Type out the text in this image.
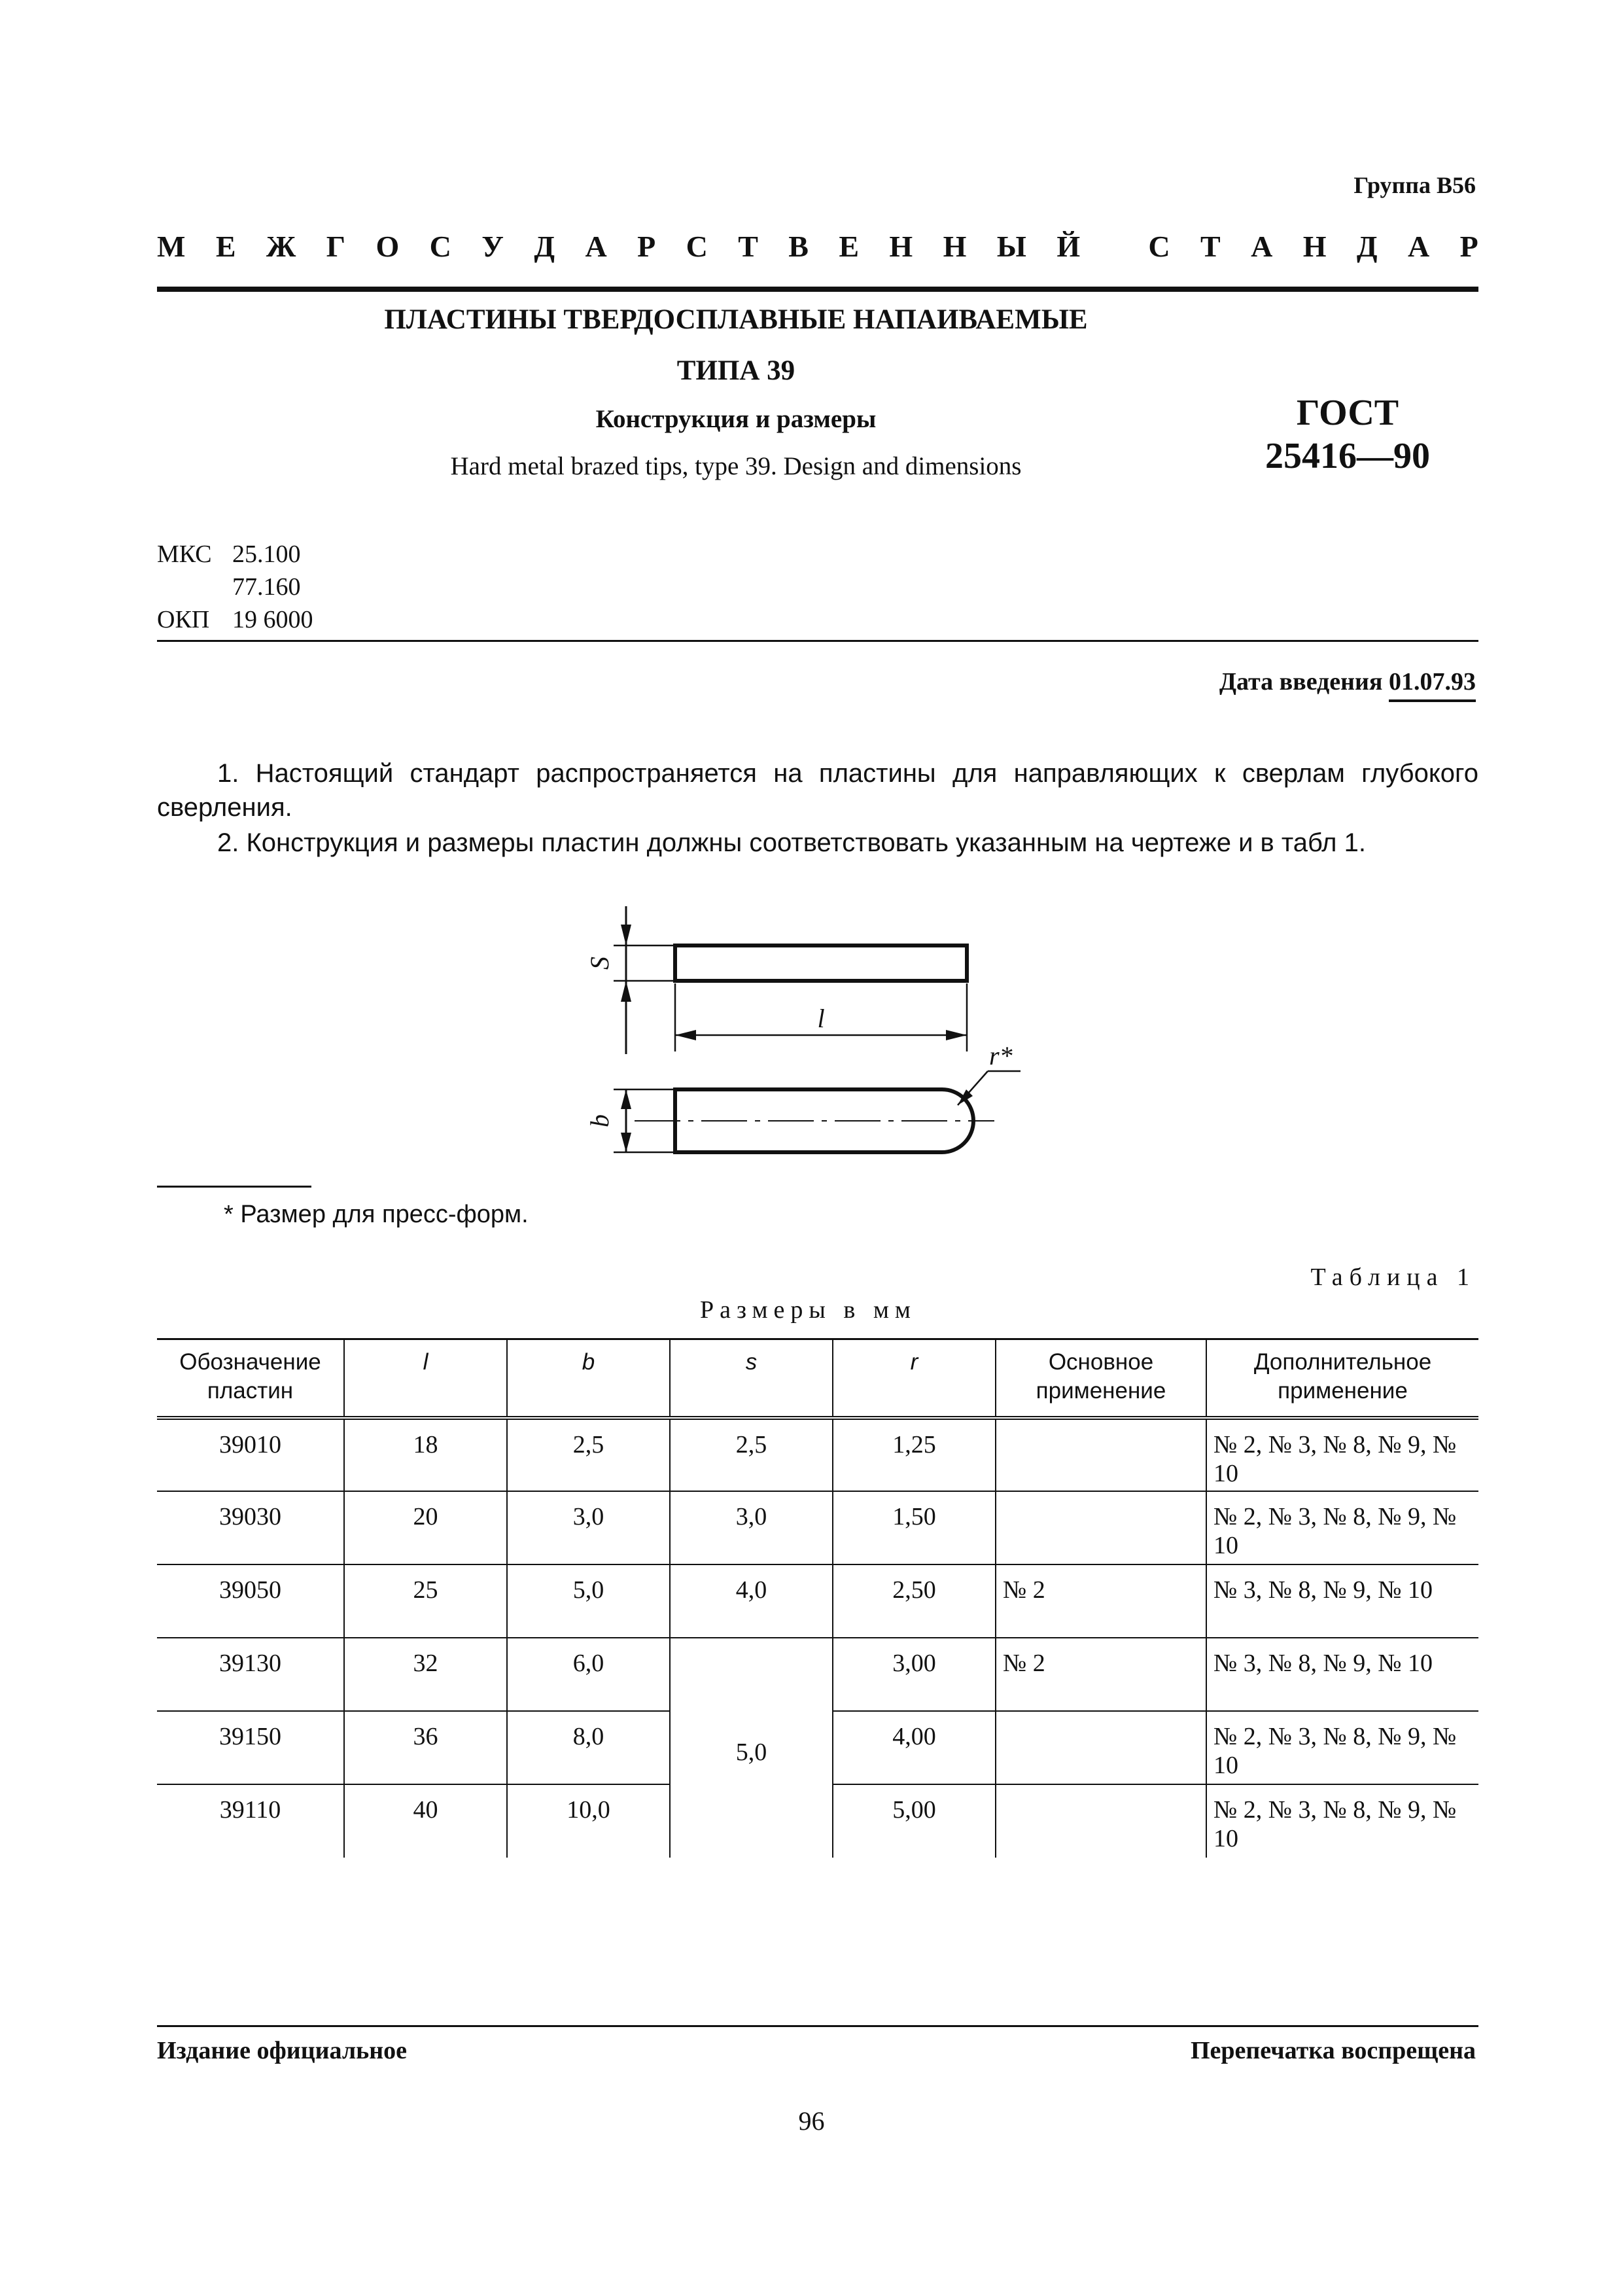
Группа В56
М Е Ж Г О С У Д А Р С Т В Е Н Н Ы Й
С Т А Н Д А Р
ПЛАСТИНЫ ТВЕРДОСПЛАВНЫЕ НАПАИВАЕМЫЕ
ТИПА 39
Конструкция и размеры
Hard metal brazed tips, type 39. Design and dimensions
ГОСТ
25416—90
МКС 25.100
77.160
ОКП 19 6000
Дата введения 01.07.93
1. Настоящий стандарт распространяется на пластины для направляющих к сверлам глубокого сверления.
2. Конструкция и размеры пластин должны соответствовать указанным на чертеже и в табл 1.
S
l
b
r*
* Размер для пресс-форм.
Таблица 1
Размеры в мм
Обозначение пластин	l	b	s	r	Основное применение	Дополнительное применение
39010	18	2,5	2,5	1,25		№ 2, № 3, № 8, № 9, № 10
39030	20	3,0	3,0	1,50		№ 2, № 3, № 8, № 9, № 10
39050	25	5,0	4,0	2,50	№ 2	№ 3, № 8, № 9, № 10
39130	32	6,0	5,0	3,00	№ 2	№ 3, № 8, № 9, № 10
39150	36	8,0		4,00		№ 2, № 3, № 8, № 9, № 10
39110	40	10,0		5,00		№ 2, № 3, № 8, № 9, № 10
Издание официальное	Перепечатка воспрещена
96
